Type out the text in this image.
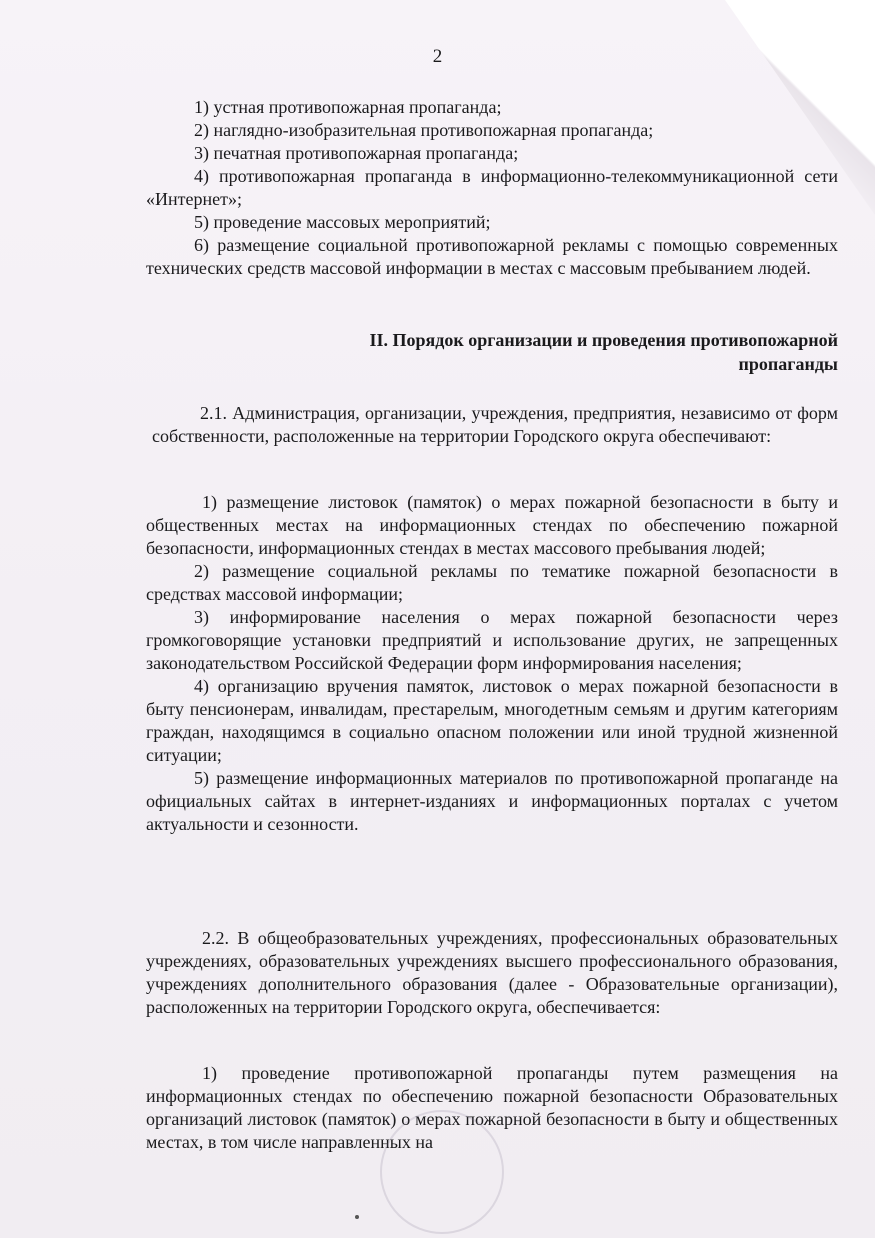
2

1) устная противопожарная пропаганда;

2) наглядно-изобразительная противопожарная пропаганда;

3) печатная противопожарная пропаганда;

4) противопожарная пропаганда в информационно-телекоммуникационной сети «Интернет»;

5) проведение массовых мероприятий;

6) размещение социальной противопожарной рекламы с помощью современных технических средств массовой информации в местах с массовым пребыванием людей.

II. Порядок организации и проведения противопожарной пропаганды

2.1. Администрация, организации, учреждения, предприятия, независимо от форм собственности, расположенные на территории Городского округа обеспечивают:

1) размещение листовок (памяток) о мерах пожарной безопасности в быту и общественных местах на информационных стендах по обеспечению пожарной безопасности, информационных стендах в местах массового пребывания людей;

2) размещение социальной рекламы по тематике пожарной безопасности в средствах массовой информации;

3) информирование населения о мерах пожарной безопасности через громкоговорящие установки предприятий и использование других, не запрещенных законодательством Российской Федерации форм информирования населения;

4) организацию вручения памяток, листовок о мерах пожарной безопасности в быту пенсионерам, инвалидам, престарелым, многодетным семьям и другим категориям граждан, находящимся в социально опасном положении или иной трудной жизненной ситуации;

5) размещение информационных материалов по противопожарной пропаганде на официальных сайтах в интернет-изданиях и информационных порталах с учетом актуальности и сезонности.

2.2. В общеобразовательных учреждениях, профессиональных образовательных учреждениях, образовательных учреждениях высшего профессионального образования, учреждениях дополнительного образования (далее - Образовательные организации), расположенных на территории Городского округа, обеспечивается:

1) проведение противопожарной пропаганды путем размещения на информационных стендах по обеспечению пожарной безопасности Образовательных организаций листовок (памяток) о мерах пожарной безопасности в быту и общественных местах, в том числе направленных на
